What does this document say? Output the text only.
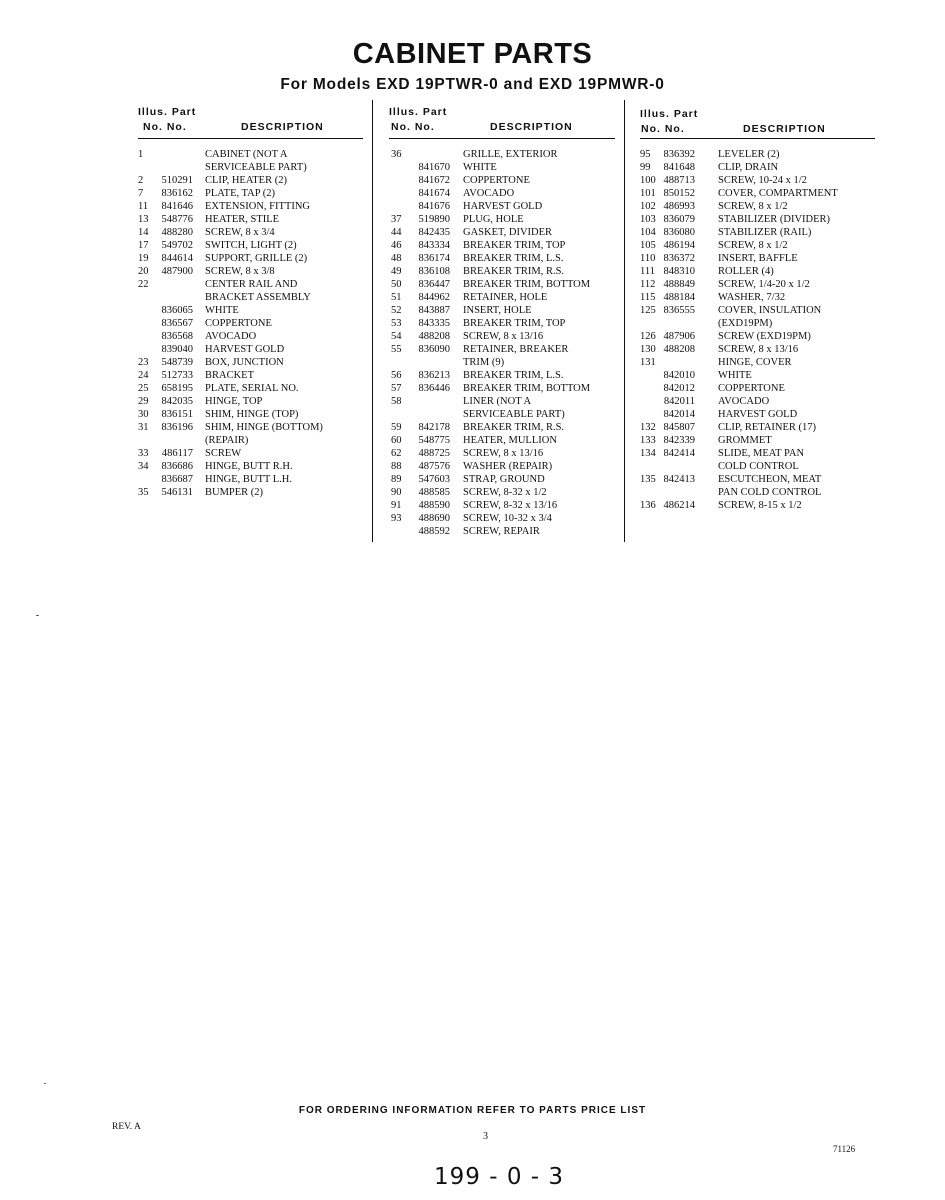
CABINET PARTS
For Models EXD 19PTWR-0 and EXD 19PMWR-0
Illus. Part
No. No.	DESCRIPTION
1	CABINET (NOT A
SERVICEABLE PART)
2	510291 CLIP, HEATER (2)
7	836162 PLATE, TAP (2)
11	841646 EXTENSION, FITTING
13	548776 HEATER, STILE
14	488280 SCREW, 8 x 3/4
17	549702 SWITCH, LIGHT (2)
19	844614 SUPPORT, GRILLE (2)
20	487900 SCREW, 8 x 3/8
22	CENTER RAIL AND
BRACKET ASSEMBLY
836065 WHITE
836567 COPPERTONE
836568 AVOCADO
839040 HARVEST GOLD
23	548739 BOX, JUNCTION
24	512733 BRACKET
25	658195 PLATE, SERIAL NO.
29	842035 HINGE, TOP
30	836151 SHIM, HINGE (TOP)
31	836196 SHIM, HINGE (BOTTOM)
(REPAIR)
33	486117 SCREW
34	836686 HINGE, BUTT R.H.
836687 HINGE, BUTT L.H.
35	546131 BUMPER (2)
Illus. Part
No. No.	DESCRIPTION
36	GRILLE, EXTERIOR
841670 WHITE
841672 COPPERTONE
841674 AVOCADO
841676 HARVEST GOLD
37	519890 PLUG, HOLE
44	842435 GASKET, DIVIDER
46	843334 BREAKER TRIM, TOP
48	836174 BREAKER TRIM, L.S.
49	836108 BREAKER TRIM, R.S.
50	836447 BREAKER TRIM, BOTTOM
51	844962 RETAINER, HOLE
52	843887 INSERT, HOLE
53	843335 BREAKER TRIM, TOP
54	488208 SCREW, 8 x 13/16
55	836090 RETAINER, BREAKER
TRIM (9)
56	836213 BREAKER TRIM, L.S.
57	836446 BREAKER TRIM, BOTTOM
58	LINER (NOT A
SERVICEABLE PART)
59	842178 BREAKER TRIM, R.S.
60	548775 HEATER, MULLION
62	488725 SCREW, 8 x 13/16
88	487576 WASHER (REPAIR)
89	547603 STRAP, GROUND
90	488585 SCREW, 8-32 x 1/2
91	488590 SCREW, 8-32 x 13/16
93	488690 SCREW, 10-32 x 3/4
488592 SCREW, REPAIR
Illus. Part
No. No.	DESCRIPTION
95	836392 LEVELER (2)
99	841648 CLIP, DRAIN
100 488713 SCREW, 10-24 x 1/2
101 850152 COVER, COMPARTMENT
102 486993 SCREW, 8 x 1/2
103 836079 STABILIZER (DIVIDER)
104 836080 STABILIZER (RAIL)
105 486194 SCREW, 8 x 1/2
110 836372 INSERT, BAFFLE
111 848310 ROLLER (4)
112 488849 SCREW, 1/4-20 x 1/2
115 488184 WASHER, 7/32
125 836555 COVER, INSULATION
(EXD19PM)
126 487906 SCREW (EXD19PM)
130 488208 SCREW, 8 x 13/16
131	HINGE, COVER
842010 WHITE
842012 COPPERTONE
842011 AVOCADO
842014 HARVEST GOLD
132 845807 CLIP, RETAINER (17)
133 842339 GROMMET
134 842414 SLIDE, MEAT PAN
COLD CONTROL
135 842413 ESCUTCHEON, MEAT
PAN COLD CONTROL
136 486214 SCREW, 8-15 x 1/2
FOR ORDERING INFORMATION REFER TO PARTS PRICE LIST
REV. A
3
71126
199 - 0 - 3
